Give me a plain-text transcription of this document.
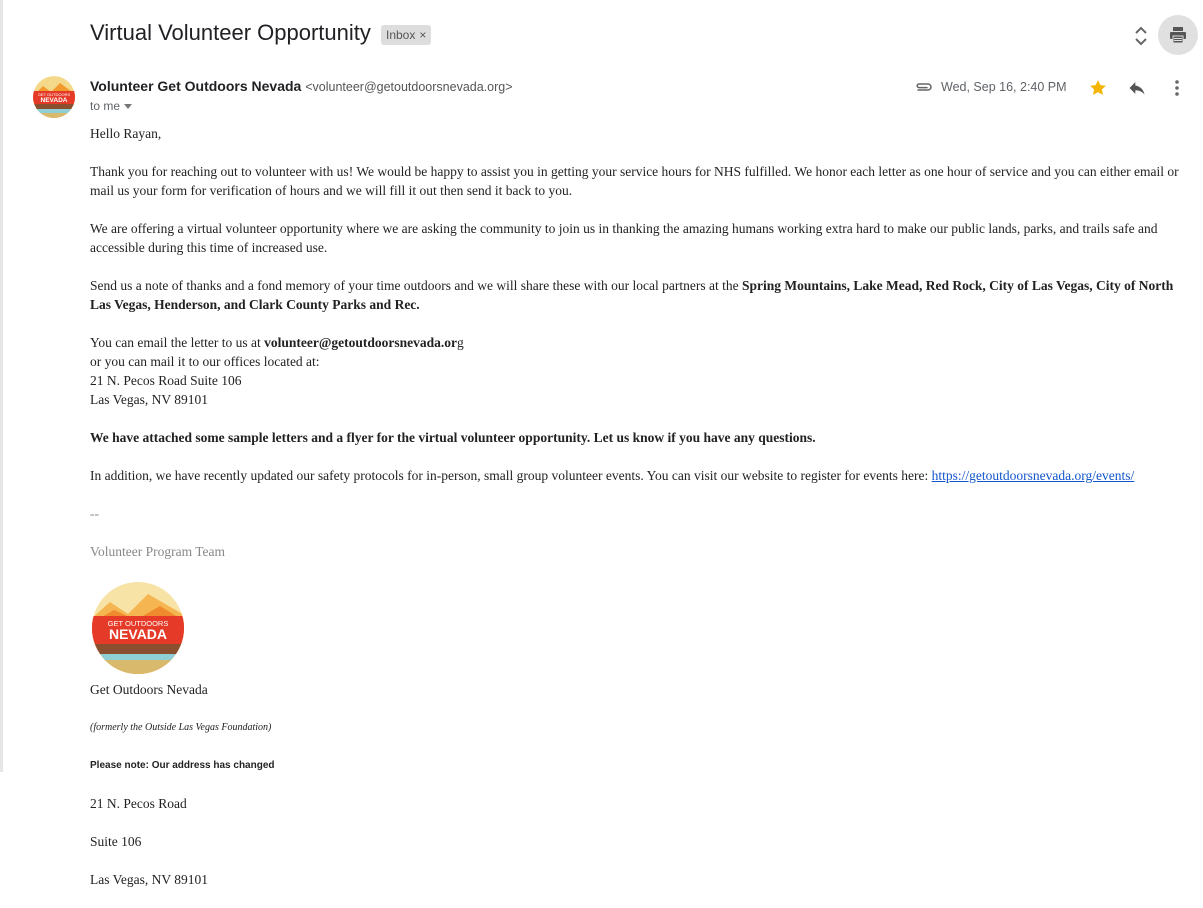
Virtual Volunteer Opportunity	Inbox ×
GET OUTDOORS
NEVADA
Volunteer Get Outdoors Nevada <volunteer@getoutdoorsnevada.org>
to me
Wed, Sep 16, 2:40 PM

Hello Rayan,

Thank you for reaching out to volunteer with us! We would be happy to assist you in getting your service hours for NHS fulfilled. We honor each letter as one hour of service and you can either email or mail us your form for verification of hours and we will fill it out then send it back to you.

We are offering a virtual volunteer opportunity where we are asking the community to join us in thanking the amazing humans working extra hard to make our public lands, parks, and trails safe and accessible during this time of increased use.

Send us a note of thanks and a fond memory of your time outdoors and we will share these with our local partners at the Spring Mountains, Lake Mead, Red Rock, City of Las Vegas, City of North Las Vegas, Henderson, and Clark County Parks and Rec.

You can email the letter to us at volunteer@getoutdoorsnevada.org
or you can mail it to our offices located at:
21 N. Pecos Road Suite 106
Las Vegas, NV 89101

We have attached some sample letters and a flyer for the virtual volunteer opportunity. Let us know if you have any questions.

In addition, we have recently updated our safety protocols for in-person, small group volunteer events. You can visit our website to register for events here: https://getoutdoorsnevada.org/events/

--

Volunteer Program Team

GET OUTDOORS
NEVADA

Get Outdoors Nevada

(formerly the Outside Las Vegas Foundation)

Please note: Our address has changed

21 N. Pecos Road

Suite 106

Las Vegas, NV 89101
